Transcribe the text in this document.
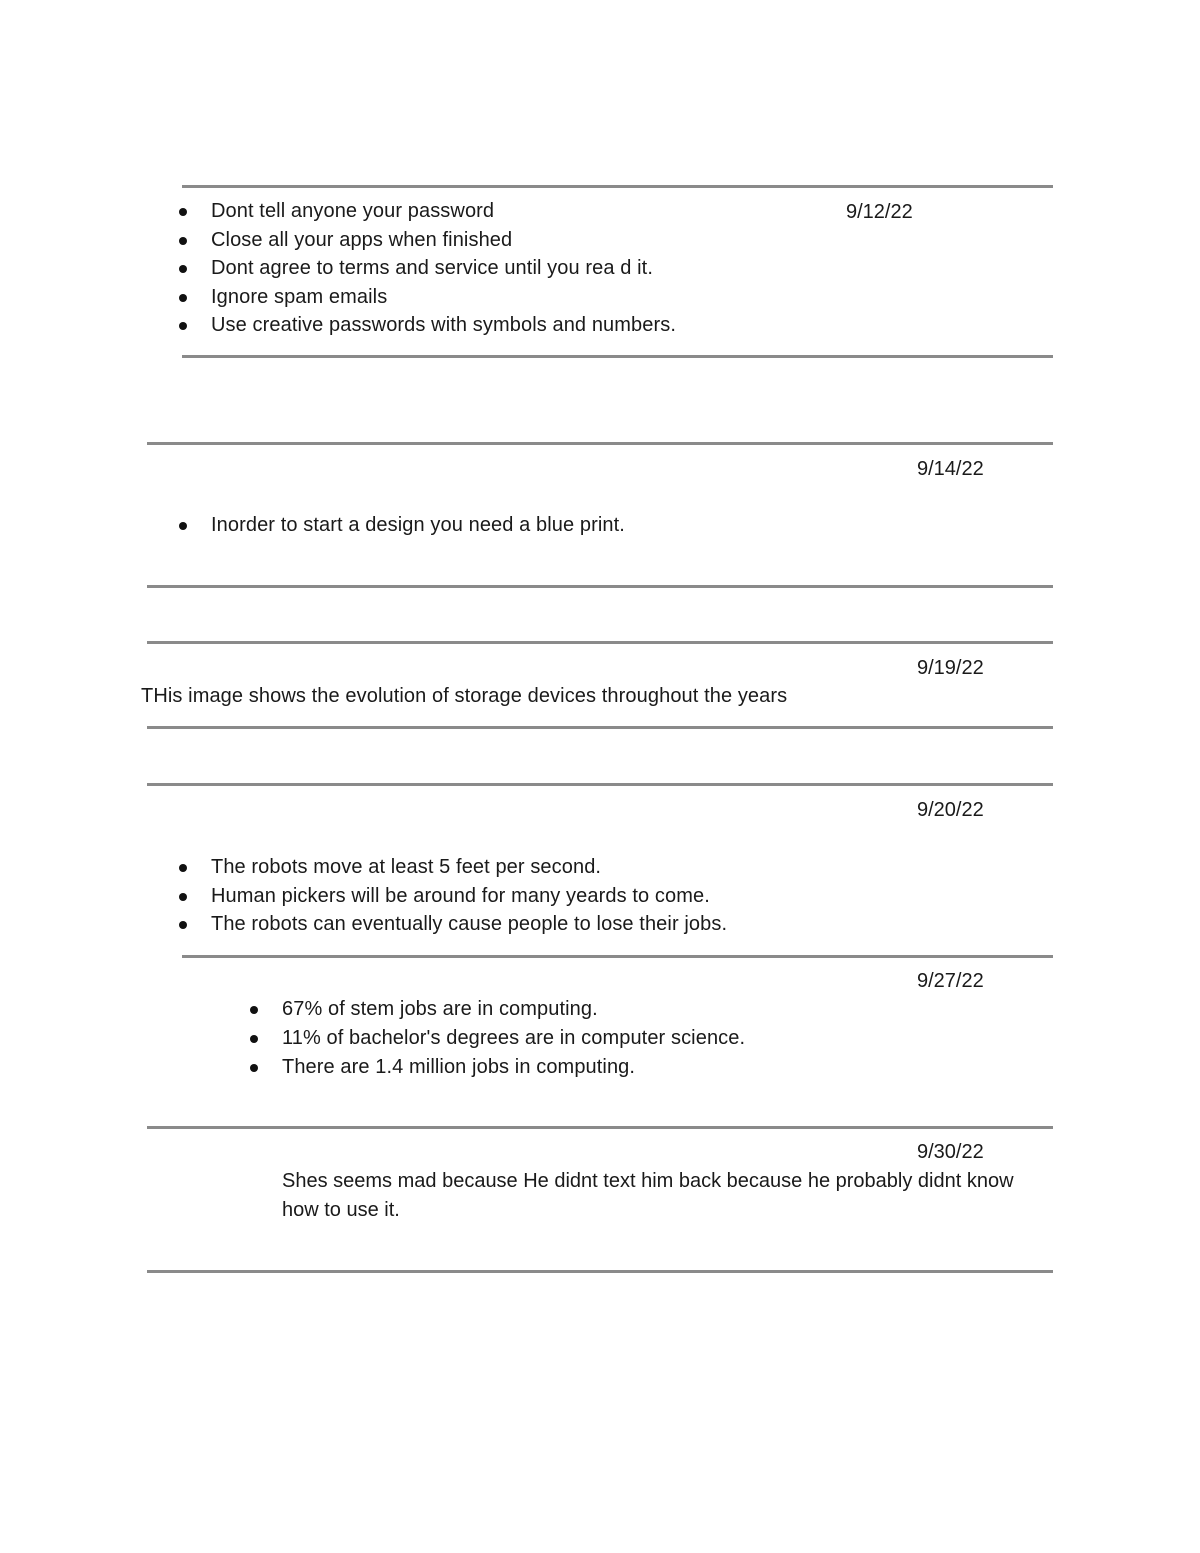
9/12/22
Dont tell anyone your password
Close all your apps when finished
Dont agree to terms and service until you rea d it.
Ignore spam emails
Use creative passwords with symbols and numbers.
9/14/22
Inorder to start a design you need a blue print.
9/19/22
THis image shows the evolution of storage devices throughout the years
9/20/22
The robots move at least 5 feet per second.
Human pickers will be around for many yeards to come.
The robots can eventually cause people to lose their jobs.
9/27/22
67% of stem jobs are in computing.
11% of bachelor's degrees are in computer science.
There are 1.4 million jobs in computing.
9/30/22
Shes seems mad because He didnt text him back because he probably didnt know how to use it.
